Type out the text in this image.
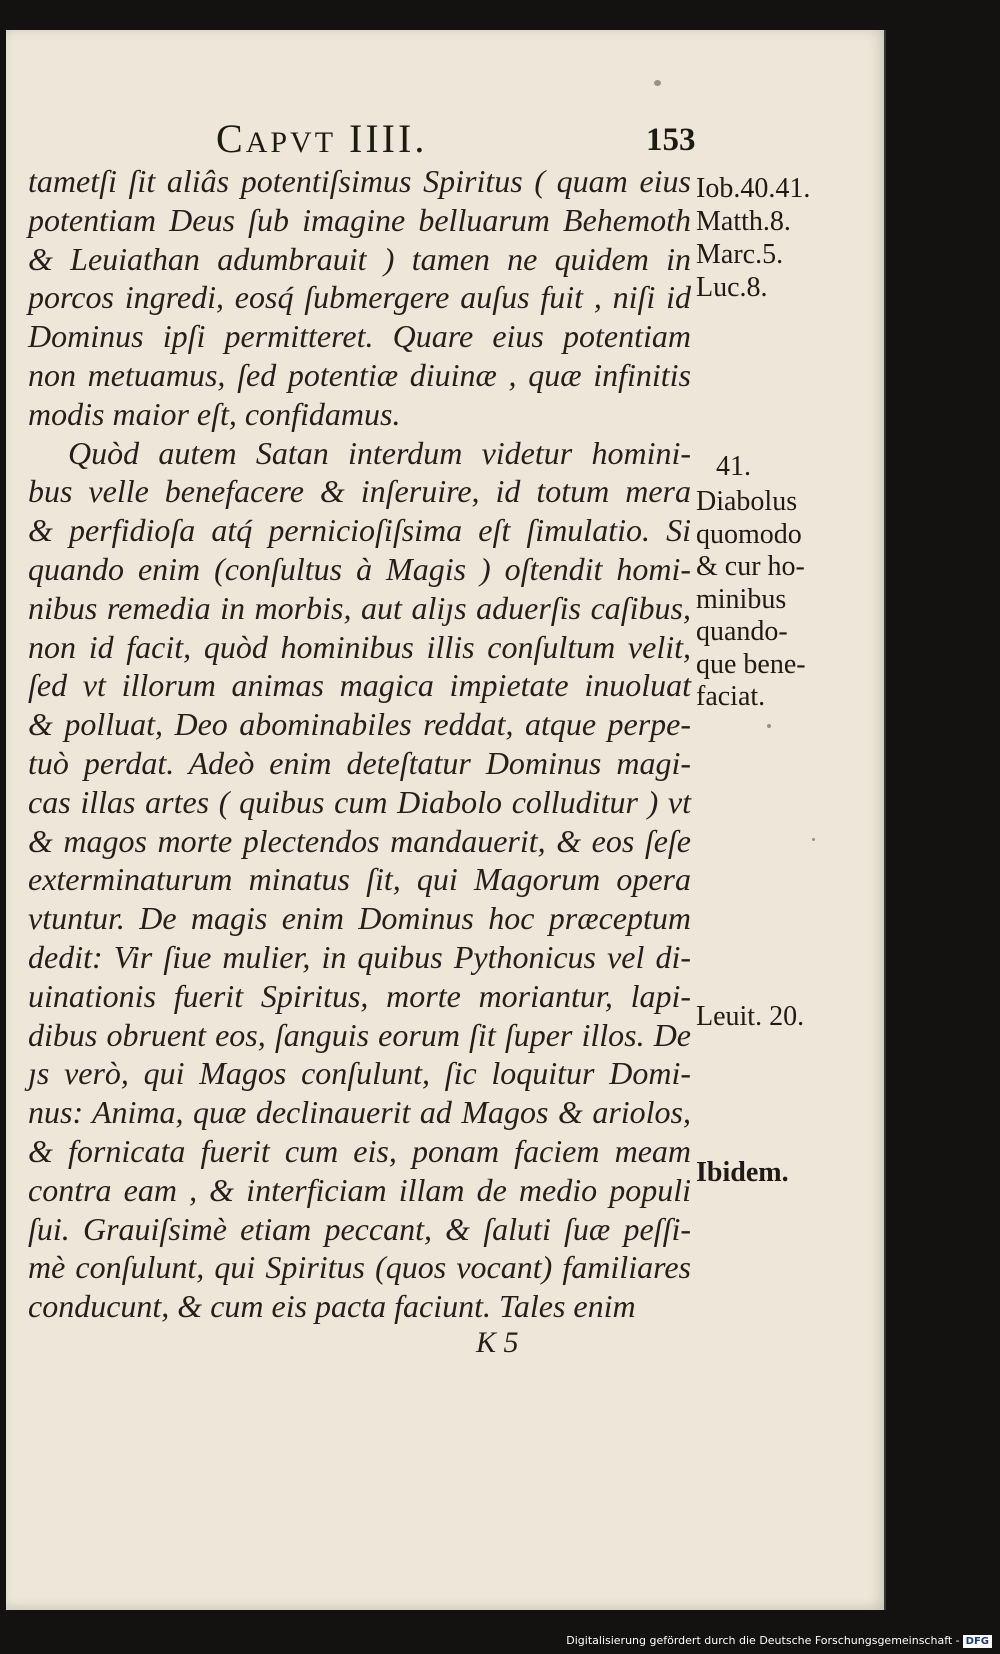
CAPVT IIII.	153
tametſi ſit aliâs potentiſsimus Spiritus ( quam eius
potentiam Deus ſub imagine belluarum Behemoth
& Leuiathan adumbrauit ) tamen ne quidem in
porcos ingredi, eosq́ ſubmergere auſus fuit , niſi id
Dominus ipſi permitteret. Quare eius potentiam
non metuamus, ſed potentiæ diuinæ , quæ infinitis
modis maior eſt, confidamus.
Quòd autem Satan interdum videtur homini-
bus velle benefacere & inſeruire, id totum mera
& perfidioſa atq́ pernicioſiſsima eſt ſimulatio. Si
quando enim (conſultus à Magis ) oſtendit homi-
nibus remedia in morbis, aut aliȷs aduerſis caſibus,
non id facit, quòd hominibus illis conſultum velit,
ſed vt illorum animas magica impietate inuoluat
& polluat, Deo abominabiles reddat, atque perpe-
tuò perdat. Adeò enim deteſtatur Dominus magi-
cas illas artes ( quibus cum Diabolo colluditur ) vt
& magos morte plectendos mandauerit, & eos ſeſe
exterminaturum minatus ſit, qui Magorum opera
vtuntur. De magis enim Dominus hoc præceptum
dedit: Vir ſiue mulier, in quibus Pythonicus vel di-
uinationis fuerit Spiritus, morte moriantur, lapi-
dibus obruent eos, ſanguis eorum ſit ſuper illos. De
ȷs verò, qui Magos conſulunt, ſic loquitur Domi-
nus: Anima, quæ declinauerit ad Magos & ariolos,
& fornicata fuerit cum eis, ponam faciem meam
contra eam , & interficiam illam de medio populi
ſui. Grauiſsimè etiam peccant, & ſaluti ſuæ peſſi-
mè conſulunt, qui Spiritus (quos vocant) familiares
conducunt, & cum eis pacta faciunt. Tales enim
Iob.40.41.
Matth.8.
Marc.5.
Luc.8.
41.
Diabolus
quomodo
& cur ho-
minibus
quando-
que bene-
faciat.
Leuit. 20.
Ibidem.
K 5
Digitalisierung gefördert durch die Deutsche Forschungsgemeinschaft - DFG
